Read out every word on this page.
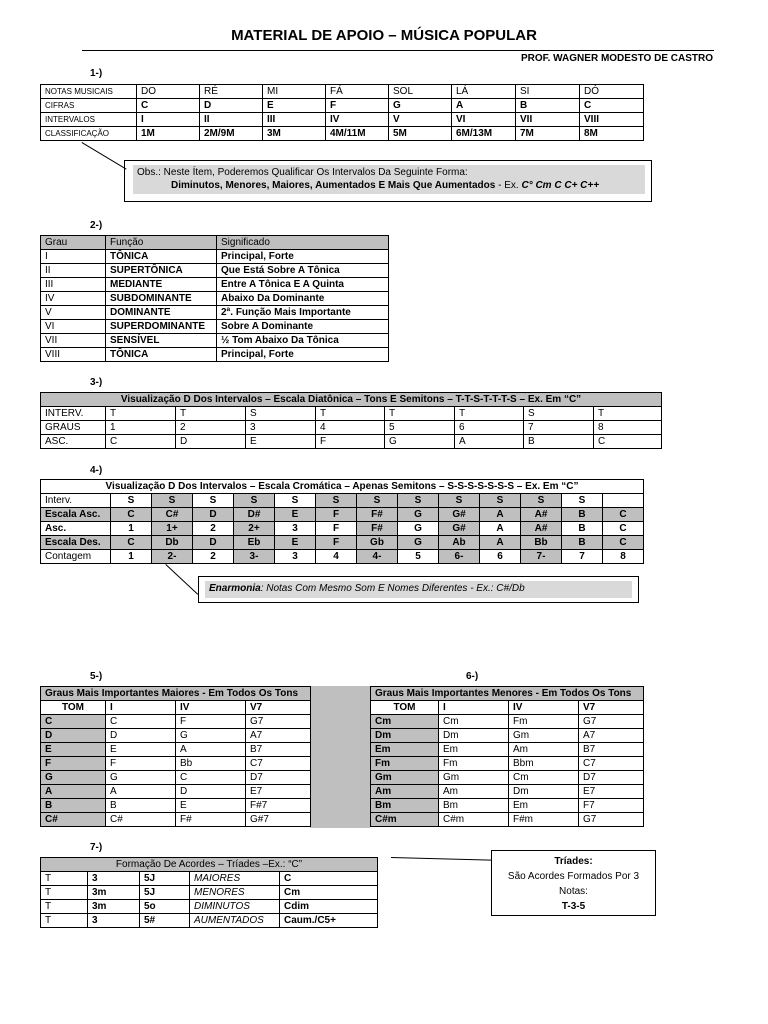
MATERIAL DE APOIO – MÚSICA POPULAR
PROF. WAGNER MODESTO DE CASTRO
1-)
NOTAS MUSICAIS	DO	RÉ	MI	FÁ	SOL	LÁ	SI	DÓ
CIFRAS	C	D	E	F	G	A	B	C
INTERVALOS	I	II	III	IV	V	VI	VII	VIII
CLASSIFICAÇÃO	1M	2M/9M	3M	4M/11M	5M	6M/13M	7M	8M
Obs.: Neste Ítem, Poderemos Qualificar Os Intervalos Da Seguinte Forma:
Diminutos, Menores, Maiores, Aumentados E Mais Que Aumentados - Ex. C° Cm C C+ C++
2-)
Grau	Função	Significado
I	TÔNICA	Principal, Forte
II	SUPERTÔNICA	Que Está Sobre A Tônica
III	MEDIANTE	Entre A Tônica E A Quinta
IV	SUBDOMINANTE	Abaixo Da Dominante
V	DOMINANTE	2ª. Função Mais Importante
VI	SUPERDOMINANTE	Sobre A Dominante
VII	SENSÍVEL	½ Tom Abaixo Da Tônica
VIII	TÔNICA	Principal, Forte
3-)
Visualização D Dos Intervalos – Escala Diatônica – Tons E Semitons – T-T-S-T-T-T-S – Ex. Em “C”								
INTERV.	T	T	S	T	T	T	S	T
GRAUS	1	2	3	4	5	6	7	8
ASC.	C	D	E	F	G	A	B	C
4-)
Visualização D Dos Intervalos – Escala Cromática – Apenas Semitons – S-S-S-S-S-S-S – Ex. Em “C”													
Interv.	S	S	S	S	S	S	S	S	S	S	S	S	
Escala Asc.	C	C#	D	D#	E	F	F#	G	G#	A	A#	B	C
Asc.	1	1+	2	2+	3	F	F#	G	G#	A	A#	B	C
Escala Des.	C	Db	D	Eb	E	F	Gb	G	Ab	A	Bb	B	C
Contagem	1	2-	2	3-	3	4	4-	5	6-	6	7-	7	8
Enarmonia: Notas Com Mesmo Som E Nomes Diferentes - Ex.: C#/Db
5-)	6-)
Graus Mais Importantes Maiores - Em Todos Os Tons			
TOM	I	IV	V7
C	C	F	G7
D	D	G	A7
E	E	A	B7
F	F	Bb	C7
G	G	C	D7
A	A	D	E7
B	B	E	F#7
C#	C#	F#	G#7
Graus Mais Importantes Menores - Em Todos Os Tons			
TOM	I	IV	V7
Cm	Cm	Fm	G7
Dm	Dm	Gm	A7
Em	Em	Am	B7
Fm	Fm	Bbm	C7
Gm	Gm	Cm	D7
Am	Am	Dm	E7
Bm	Bm	Em	F7
C#m	C#m	F#m	G7
7-)
Formação De Acordes – Tríades –Ex.: “C”				
T	3	5J	MAIORES	C
T	3m	5J	MENORES	Cm
T	3m	5o	DIMINUTOS	Cdim
T	3	5#	AUMENTADOS	Caum./C5+
Tríades:
São Acordes Formados Por 3
Notas:
T-3-5
